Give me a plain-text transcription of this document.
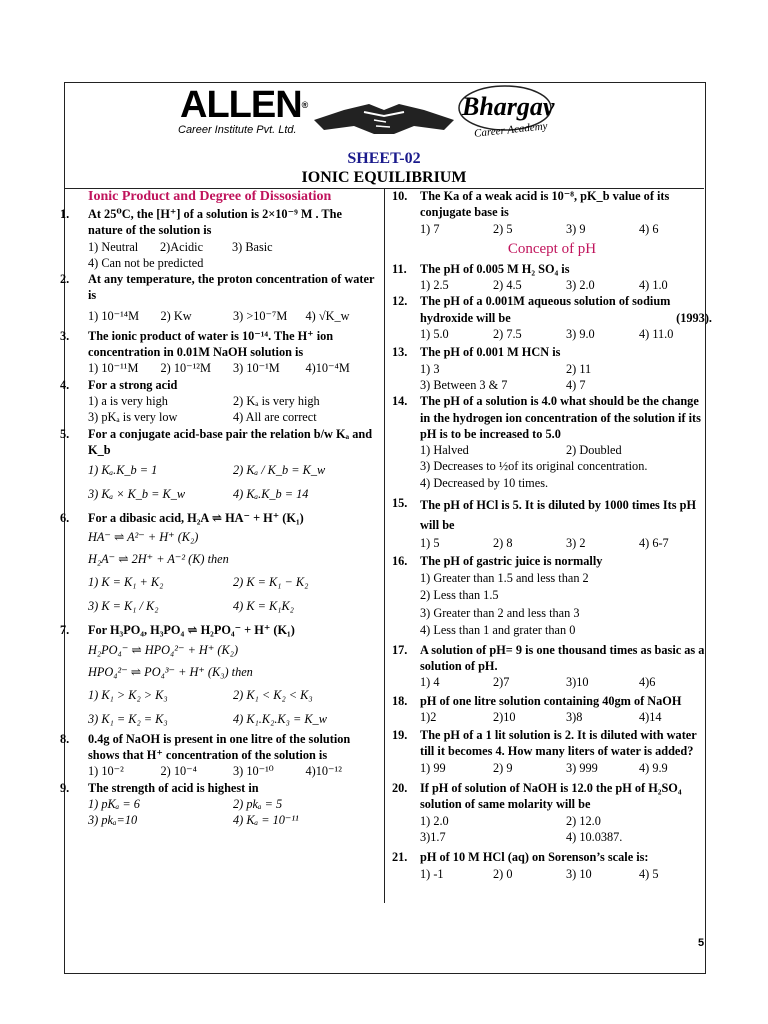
ALLEN®
Career Institute Pvt. Ltd.
Bhargav
Career Academy
SHEET-02
IONIC EQUILIBRIUM
Ionic Product and Degree of Dissosiation
1.	At 25⁰C, the [H⁺] of a solution is 2×10⁻⁹ M . The nature of the solution is
1) Neutral	2)Acidic	3) Basic
4) Can not be predicted
2.	At any temperature, the proton concentration of water is
1) 10⁻¹⁴M	2) Kw	3) >10⁻⁷M	4) √K_w
3.	The ionic product of water is 10⁻¹⁴. The H⁺ ion concentration in 0.01M NaOH solution is
1) 10⁻¹¹M	2) 10⁻¹²M	3) 10⁻¹M	4)10⁻⁴M
4.	For a strong acid
1) a is very high	2) Kₐ is very high
3) pKₐ is very low	4) All are correct
5.	For a conjugate acid-base pair the relation b/w Kₐ and K_b
1) Kₐ.K_b = 1	2) Kₐ / K_b = K_w
3) Kₐ × K_b = K_w	4) Kₐ.K_b = 14
6.	For a dibasic acid, H₂A ⇌ HA⁻ + H⁺ (K₁)
HA⁻ ⇌ A²⁻ + H⁺ (K₂)
H₂A⁻ ⇌ 2H⁺ + A⁻² (K) then
1) K = K₁ + K₂	2) K = K₁ − K₂
3) K = K₁ / K₂	4) K = K₁K₂
7.	For H₃PO₄, H₃PO₄ ⇌ H₂PO₄⁻ + H⁺ (K₁)
H₂PO₄⁻ ⇌ HPO₄²⁻ + H⁺ (K₂)
HPO₄²⁻ ⇌ PO₄³⁻ + H⁺ (K₃) then
1) K₁ > K₂ > K₃	2) K₁ < K₂ < K₃
3) K₁ = K₂ = K₃	4) K₁.K₂.K₃ = K_w
8.	0.4g of NaOH is present in one litre of the solution shows that H⁺ concentration of the solution is
1) 10⁻²	2) 10⁻⁴	3) 10⁻¹⁰	4)10⁻¹²
9.	The strength of acid is highest in
1) pKₐ = 6	2) pkₐ = 5
3) pkₐ=10	4) Kₐ = 10⁻¹¹
10.	The Ka of a weak acid is 10⁻⁸, pK_b value of its conjugate base is
1) 7	2) 5	3) 9	4) 6
Concept of pH
11.	The pH of 0.005 M H₂ SO₄ is
1) 2.5	2) 4.5	3) 2.0	4) 1.0
12.	The pH of a 0.001M aqueous solution of sodium hydroxide will be	(1993).
1) 5.0	2) 7.5	3) 9.0	4) 11.0
13.	The pH of 0.001 M HCN is
1) 3	2) 11
3) Between 3 & 7	4) 7
14.	The pH of a solution is 4.0 what should be the change in the hydrogen ion concentration of the solution if its pH is to be increased to 5.0
1) Halved	2) Doubled
3) Decreases to ½of its original concentration.
4) Decreased by 10 times.
15.	The pH of HCl is 5. It is diluted by 1000 times Its pH will be
1) 5	2) 8	3) 2	4) 6-7
16.	The pH of gastric juice is normally
1) Greater than 1.5 and less than 2
2) Less than 1.5
3) Greater than 2 and less than 3
4) Less than 1 and grater than 0
17.	A solution of pH= 9 is one thousand times as basic as a solution of pH.
1) 4	2)7	3)10	4)6
18.	pH of one litre solution containing 40gm of NaOH
1)2	2)10	3)8	4)14
19.	The pH of a 1 lit solution is 2. It is diluted with water till it becomes 4. How many liters of water is added?
1) 99	2) 9	3) 999	4) 9.9
20.	If pH of solution of NaOH is 12.0 the pH of H₂SO₄ solution of same molarity will be
1) 2.0	2) 12.0
3)1.7	4) 10.0387.
21.	pH of 10 M HCl (aq) on Sorenson’s scale is:
1) -1	2) 0	3) 10	4) 5
5
